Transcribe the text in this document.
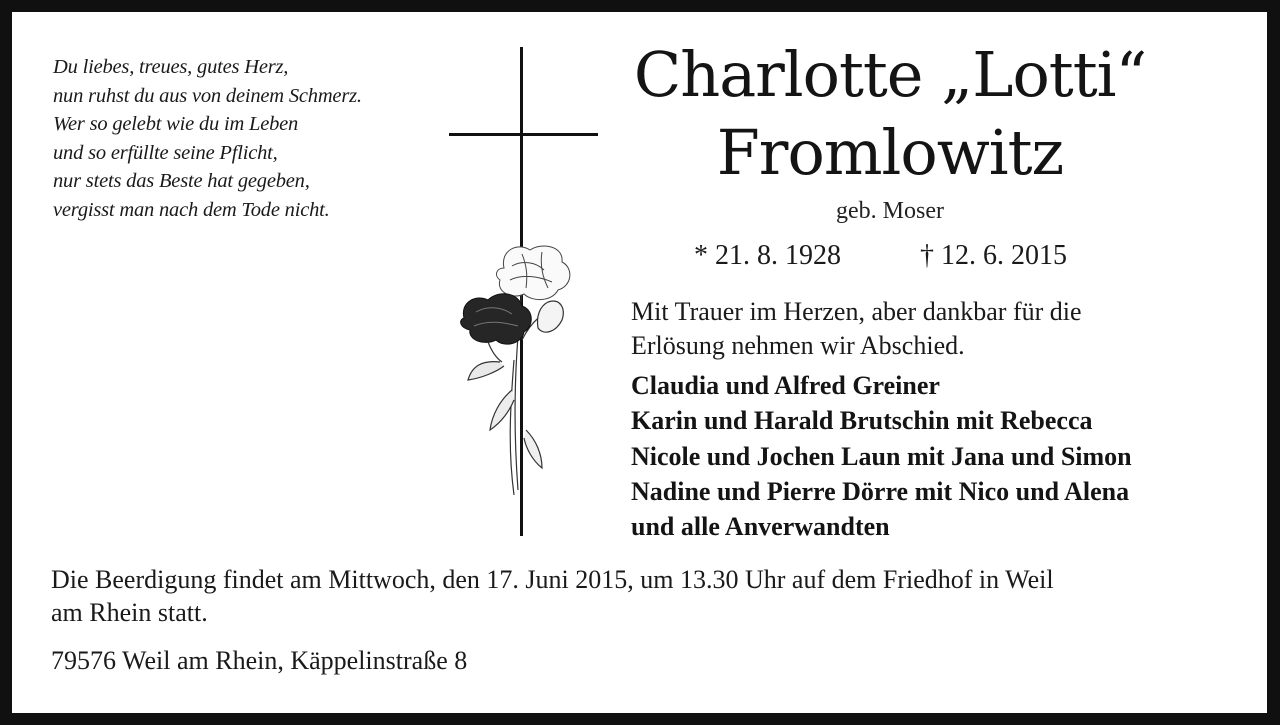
Du liebes, treues, gutes Herz,
nun ruhst du aus von deinem Schmerz.
Wer so gelebt wie du im Leben
und so erfüllte seine Pflicht,
nur stets das Beste hat gegeben,
vergisst man nach dem Tode nicht.
Charlotte „Lotti“
Fromlowitz
geb. Moser
* 21. 8. 1928	† 12. 6. 2015
Mit Trauer im Herzen, aber dankbar für die
Erlösung nehmen wir Abschied.
Claudia und Alfred Greiner
Karin und Harald Brutschin mit Rebecca
Nicole und Jochen Laun mit Jana und Simon
Nadine und Pierre Dörre mit Nico und Alena
und alle Anverwandten
Die Beerdigung findet am Mittwoch, den 17. Juni 2015, um 13.30 Uhr auf dem Friedhof in Weil
am Rhein statt.
79576 Weil am Rhein, Käppelinstraße 8
